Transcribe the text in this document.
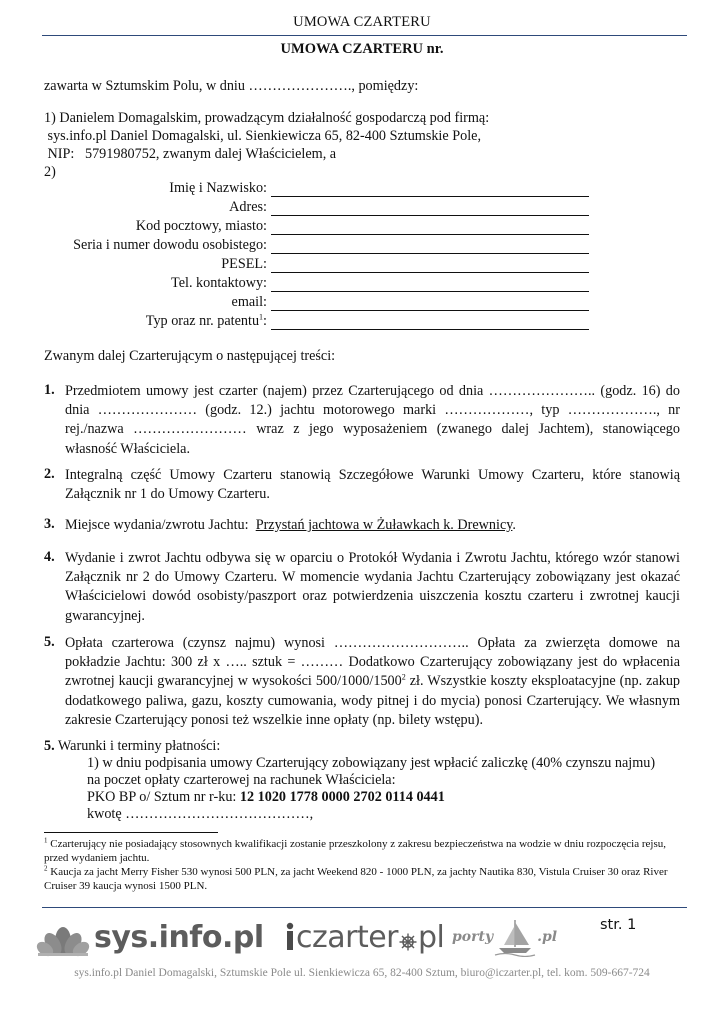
UMOWA CZARTERU
UMOWA CZARTERU nr.
zawarta w Sztumskim Polu, w dniu …………………., pomiędzy:
1) Danielem Domagalskim, prowadzącym działalność gospodarczą pod firmą:
sys.info.pl Daniel Domagalski, ul. Sienkiewicza 65, 82-400 Sztumskie Pole,
NIP:   5791980752, zwanym dalej Właścicielem, a
2)
Imię i Nazwisko:
Adres:
Kod pocztowy, miasto:
Seria i numer dowodu osobistego:
PESEL:
Tel. kontaktowy:
email:
Typ oraz nr. patentu$^1$:
Zwanym dalej Czarterującym o następującej treści:
1. Przedmiotem umowy jest czarter (najem) przez Czarterującego od dnia ………………….. (godz. 16) do dnia ………………… (godz. 12.) jachtu motorowego marki ………………, typ ………………., nr rej./nazwa …………………… wraz z jego wyposażeniem (zwanego dalej Jachtem), stanowiącego własność Właściciela.
2. Integralną część Umowy Czarteru stanowią Szczegółowe Warunki Umowy Czarteru, które stanowią Załącznik nr 1 do Umowy Czarteru.
3. Miejsce wydania/zwrotu Jachtu:  Przystań jachtowa w Żuławkach k. Drewnicy.
4. Wydanie i zwrot Jachtu odbywa się w oparciu o Protokół Wydania i Zwrotu Jachtu, którego wzór stanowi Załącznik nr 2 do Umowy Czarteru. W momencie wydania Jachtu Czarterujący zobowiązany jest okazać Właścicielowi dowód osobisty/paszport oraz potwierdzenia uiszczenia kosztu czarteru i zwrotnej kaucji gwarancyjnej.
5. Opłata czarterowa (czynsz najmu) wynosi ……………………….. Opłata za zwierzęta domowe na pokładzie Jachtu: 300 zł x ….. sztuk = ……… Dodatkowo Czarterujący zobowiązany jest do wpłacenia zwrotnej kaucji gwarancyjnej w wysokości 500/1000/1500$^2$ zł. Wszystkie koszty eksploatacyjne (np. zakup dodatkowego paliwa, gazu, koszty cumowania, wody pitnej i do mycia) ponosi Czarterujący. We własnym zakresie Czarterujący ponosi też wszelkie inne opłaty (np. bilety wstępu).
5. Warunki i terminy płatności:
1) w dniu podpisania umowy Czarterujący zobowiązany jest wpłacić zaliczkę (40% czynszu najmu)
na poczet opłaty czarterowej na rachunek Właściciela:
PKO BP o/ Sztum nr r-ku: 12 1020 1778 0000 2702 0114 0441
kwotę …………………………………,
$^1$ Czarterujący nie posiadający stosownych kwalifikacji zostanie przeszkolony z zakresu bezpieczeństwa na wodzie w dniu rozpoczęcia rejsu, przed wydaniem jachtu.
$^2$ Kaucja za jacht Merry Fisher 530 wynosi 500 PLN, za jacht Weekend 820 - 1000 PLN, za jachty Nautika 830, Vistula Cruiser 30 oraz River Cruiser 39 kaucja wynosi 1500 PLN.
sys.info.pl czarter pl porty	.pl
str. 1
sys.info.pl Daniel Domagalski, Sztumskie Pole ul. Sienkiewicza 65, 82-400 Sztum, biuro@iczarter.pl, tel. kom. 509-667-724
